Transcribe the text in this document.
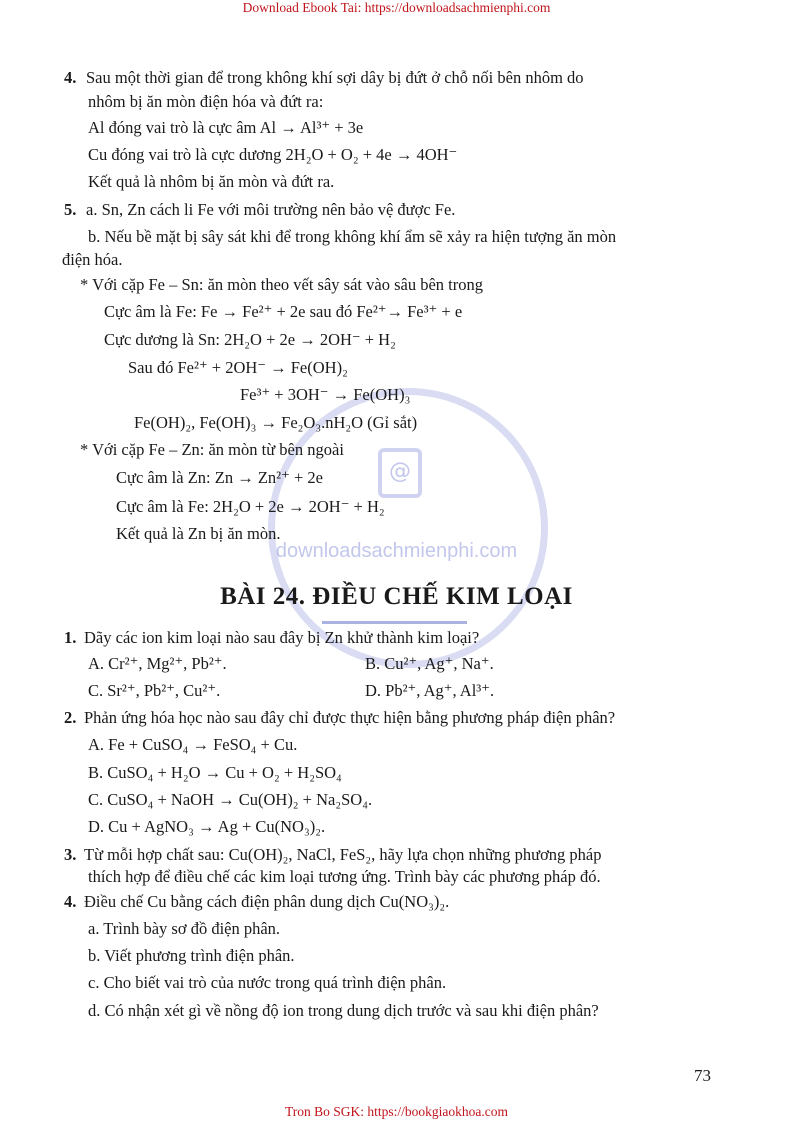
Download Ebook Tai: https://downloadsachmienphi.com
@
downloadsachmienphi.com
4. Sau một thời gian để trong không khí sợi dây bị đứt ở chỗ nối bên nhôm do
nhôm bị ăn mòn điện hóa và đứt ra:
Al đóng vai trò là cực âm Al → Al³⁺ + 3e
Cu đóng vai trò là cực dương 2H₂O + O₂ + 4e → 4OH⁻
Kết quả là nhôm bị ăn mòn và đứt ra.
5. a. Sn, Zn cách li Fe với môi trường nên bảo vệ được Fe.
b. Nếu bề mặt bị sây sát khi để trong không khí ẩm sẽ xảy ra hiện tượng ăn mòn
điện hóa.
* Với cặp Fe – Sn: ăn mòn theo vết sây sát vào sâu bên trong
Cực âm là Fe: Fe → Fe²⁺ + 2e sau đó Fe²⁺→ Fe³⁺ + e
Cực dương là Sn: 2H₂O + 2e → 2OH⁻ + H₂
Sau đó Fe²⁺ + 2OH⁻ → Fe(OH)₂
Fe³⁺ + 3OH⁻ → Fe(OH)₃
Fe(OH)₂, Fe(OH)₃ → Fe₂O₃.nH₂O (Gỉ sắt)
* Với cặp Fe – Zn: ăn mòn từ bên ngoài
Cực âm là Zn: Zn → Zn²⁺ + 2e
Cực âm là Fe: 2H₂O + 2e → 2OH⁻ + H₂
Kết quả là Zn bị ăn mòn.
BÀI 24. ĐIỀU CHẾ KIM LOẠI
1. Dãy các ion kim loại nào sau đây bị Zn khử thành kim loại?
A. Cr²⁺, Mg²⁺, Pb²⁺.	B. Cu²⁺, Ag⁺, Na⁺.
C. Sr²⁺, Pb²⁺, Cu²⁺.	D. Pb²⁺, Ag⁺, Al³⁺.
2. Phản ứng hóa học nào sau đây chỉ được thực hiện bằng phương pháp điện phân?
A. Fe + CuSO₄ → FeSO₄ + Cu.
B. CuSO₄ + H₂O → Cu + O₂ + H₂SO₄
C. CuSO₄ + NaOH → Cu(OH)₂ + Na₂SO₄.
D. Cu + AgNO₃ → Ag + Cu(NO₃)₂.
3. Từ mỗi hợp chất sau: Cu(OH)₂, NaCl, FeS₂, hãy lựa chọn những phương pháp
thích hợp để điều chế các kim loại tương ứng. Trình bày các phương pháp đó.
4. Điều chế Cu bằng cách điện phân dung dịch Cu(NO₃)₂.
a. Trình bày sơ đồ điện phân.
b. Viết phương trình điện phân.
c. Cho biết vai trò của nước trong quá trình điện phân.
d. Có nhận xét gì về nồng độ ion trong dung dịch trước và sau khi điện phân?
73
Tron Bo SGK: https://bookgiaokhoa.com
